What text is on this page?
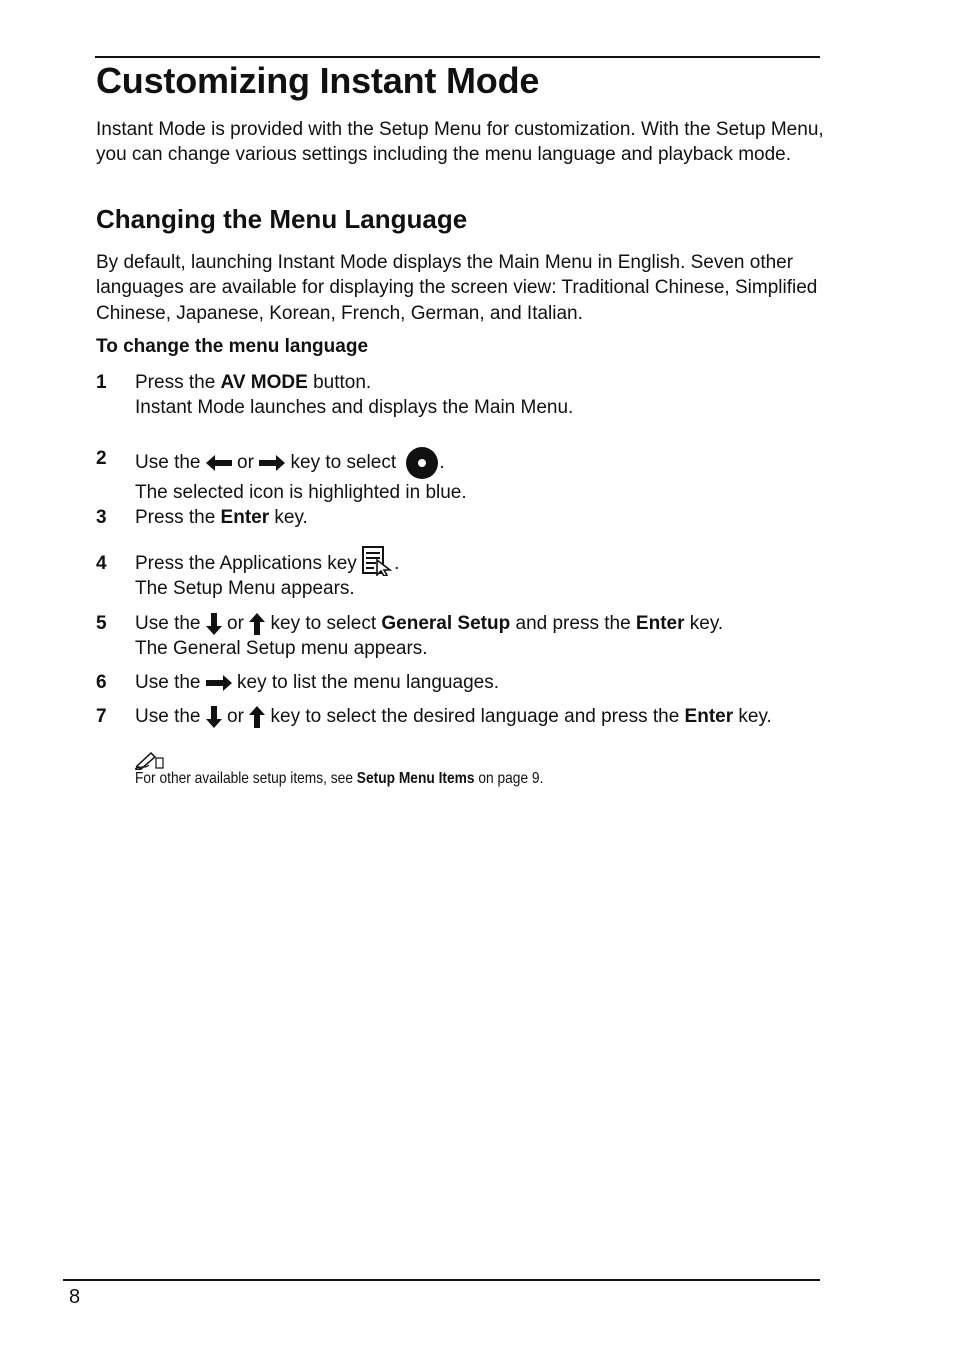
Customizing Instant Mode

Instant Mode is provided with the Setup Menu for customization. With the Setup Menu, you can change various settings including the menu language and playback mode.

Changing the Menu Language

By default, launching Instant Mode displays the Main Menu in English. Seven other languages are available for displaying the screen view: Traditional Chinese, Simplified Chinese, Japanese, Korean, French, German, and Italian.

To change the menu language

1 Press the AV MODE button.
Instant Mode launches and displays the Main Menu.
2 Use the  or  key to select .
The selected icon is highlighted in blue.
3 Press the Enter key.
4 Press the Applications key .
The Setup Menu appears.
5 Use the  or  key to select General Setup and press the Enter key.
The General Setup menu appears.
6 Use the  key to list the menu languages.
7 Use the  or  key to select the desired language and press the Enter key.
For other available setup items, see Setup Menu Items on page 9.
8
